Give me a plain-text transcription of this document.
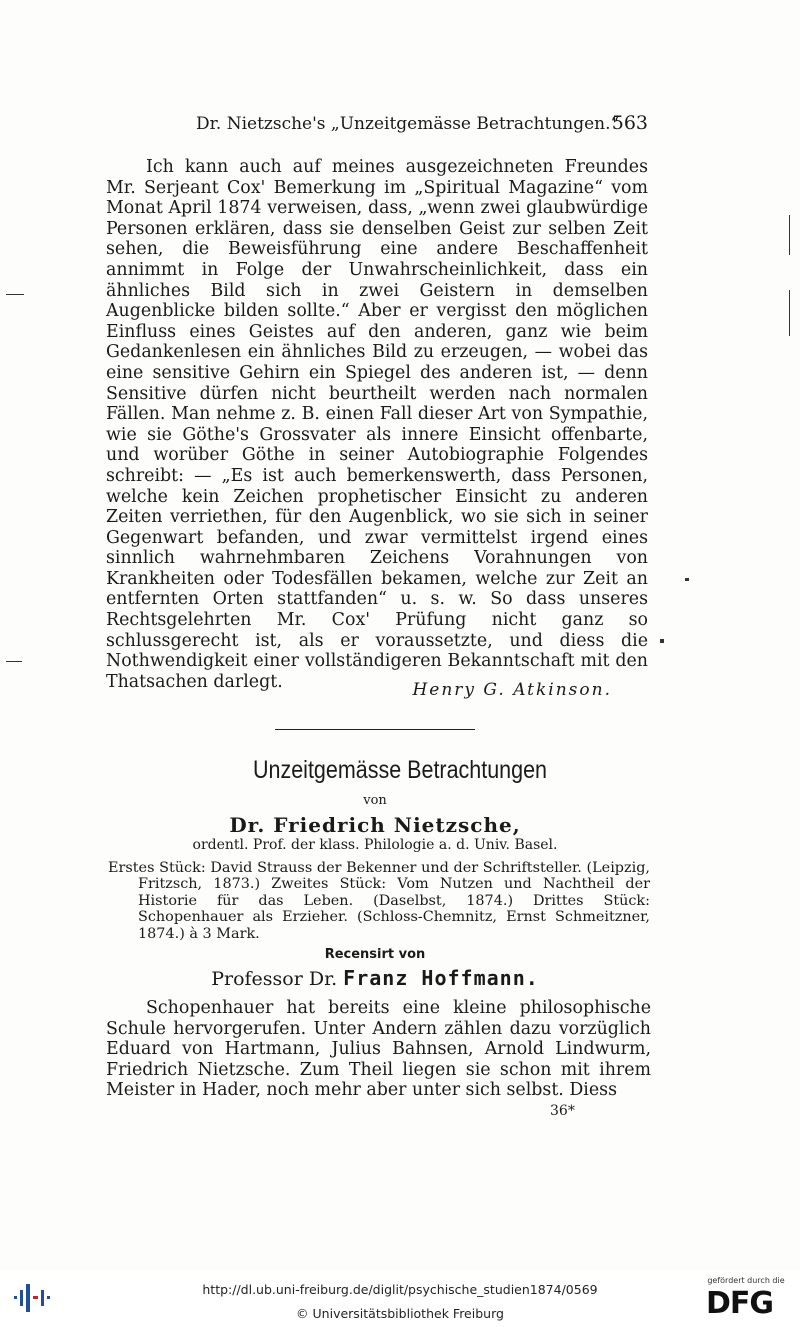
Dr. Nietzsche's „Unzeitgemässe Betrachtungen.“
563

Ich kann auch auf meines ausgezeichneten Freundes Mr. Serjeant Cox' Bemerkung im „Spiritual Magazine“ vom Monat April 1874 verweisen, dass, „wenn zwei glaubwürdige Personen erklären, dass sie denselben Geist zur selben Zeit sehen, die Beweisführung eine andere Beschaffenheit annimmt in Folge der Unwahrscheinlichkeit, dass ein ähnliches Bild sich in zwei Geistern in demselben Augenblicke bilden sollte.“ Aber er vergisst den möglichen Einfluss eines Geistes auf den anderen, ganz wie beim Gedankenlesen ein ähnliches Bild zu erzeugen, — wobei das eine sensitive Gehirn ein Spiegel des anderen ist, — denn Sensitive dürfen nicht beurtheilt werden nach normalen Fällen. Man nehme z. B. einen Fall dieser Art von Sympathie, wie sie Göthe's Grossvater als innere Einsicht offenbarte, und worüber Göthe in seiner Autobiographie Folgendes schreibt: — „Es ist auch bemerkenswerth, dass Personen, welche kein Zeichen prophetischer Einsicht zu anderen Zeiten verriethen, für den Augenblick, wo sie sich in seiner Gegenwart befanden, und zwar vermittelst irgend eines sinnlich wahrnehmbaren Zeichens Vorahnungen von Krankheiten oder Todesfällen bekamen, welche zur Zeit an entfernten Orten stattfanden“ u. s. w. So dass unseres Rechtsgelehrten Mr. Cox' Prüfung nicht ganz so schlussgerecht ist, als er voraussetzte, und diess die Nothwendigkeit einer vollständigeren Bekanntschaft mit den Thatsachen darlegt.	Henry G. Atkinson.
Unzeitgemässe Betrachtungen
von
Dr. Friedrich Nietzsche,
ordentl. Prof. der klass. Philologie a. d. Univ. Basel.

Erstes Stück: David Strauss der Bekenner und der Schriftsteller. (Leipzig, Fritzsch, 1873.) Zweites Stück: Vom Nutzen und Nachtheil der Historie für das Leben. (Daselbst, 1874.) Drittes Stück: Schopenhauer als Erzieher. (Schloss-Chemnitz, Ernst Schmeitzner, 1874.) à 3 Mark.

Recensirt von
Professor Dr. Franz Hoffmann.

Schopenhauer hat bereits eine kleine philosophische Schule hervorgerufen. Unter Andern zählen dazu vorzüglich Eduard von Hartmann, Julius Bahnsen, Arnold Lindwurm, Friedrich Nietzsche. Zum Theil liegen sie schon mit ihrem Meister in Hader, noch mehr aber unter sich selbst. Diess

36*
http://dl.ub.uni-freiburg.de/diglit/psychische_studien1874/0569
© Universitätsbibliothek Freiburg
gefördert durch die
DFG
